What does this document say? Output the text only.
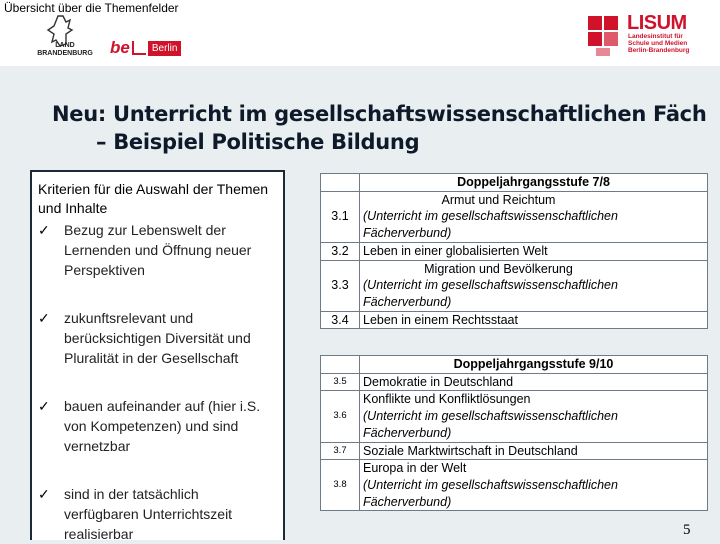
Übersicht über die Themenfelder
LAND BRANDENBURG	be	Berlin
LISUM
Landesinstitut für
Schule und Medien
Berlin-Brandenburg
Neu: Unterricht im gesellschaftswissenschaftlichen Fäch
– Beispiel Politische Bildung
Kriterien für die Auswahl der Themen und Inhalte
✓	Bezug zur Lebenswelt der Lernenden und Öffnung neuer Perspektiven
✓	zukunftsrelevant und berücksichtigen Diversität und Pluralität in der Gesellschaft
✓	bauen aufeinander auf (hier i.S. von Kompetenzen) und sind vernetzbar
✓	sind in der tatsächlich verfügbaren Unterrichtszeit realisierbar
	Doppeljahrgangsstufe 7/8
3.1	Armut und Reichtum
(Unterricht im gesellschaftswissenschaftlichen Fächerverbund)

3.2	Leben in einer globalisierten Welt

3.3	Migration und Bevölkerung
(Unterricht im gesellschaftswissenschaftlichen Fächerverbund)

3.4	Leben in einem Rechtsstaat
	Doppeljahrgangsstufe 9/10
3.5	Demokratie in Deutschland

3.6	Konflikte und Konfliktlösungen
(Unterricht im gesellschaftswissenschaftlichen Fächerverbund)

3.7	Soziale Marktwirtschaft in Deutschland

3.8	Europa in der Welt
(Unterricht im gesellschaftswissenschaftlichen Fächerverbund)
5
